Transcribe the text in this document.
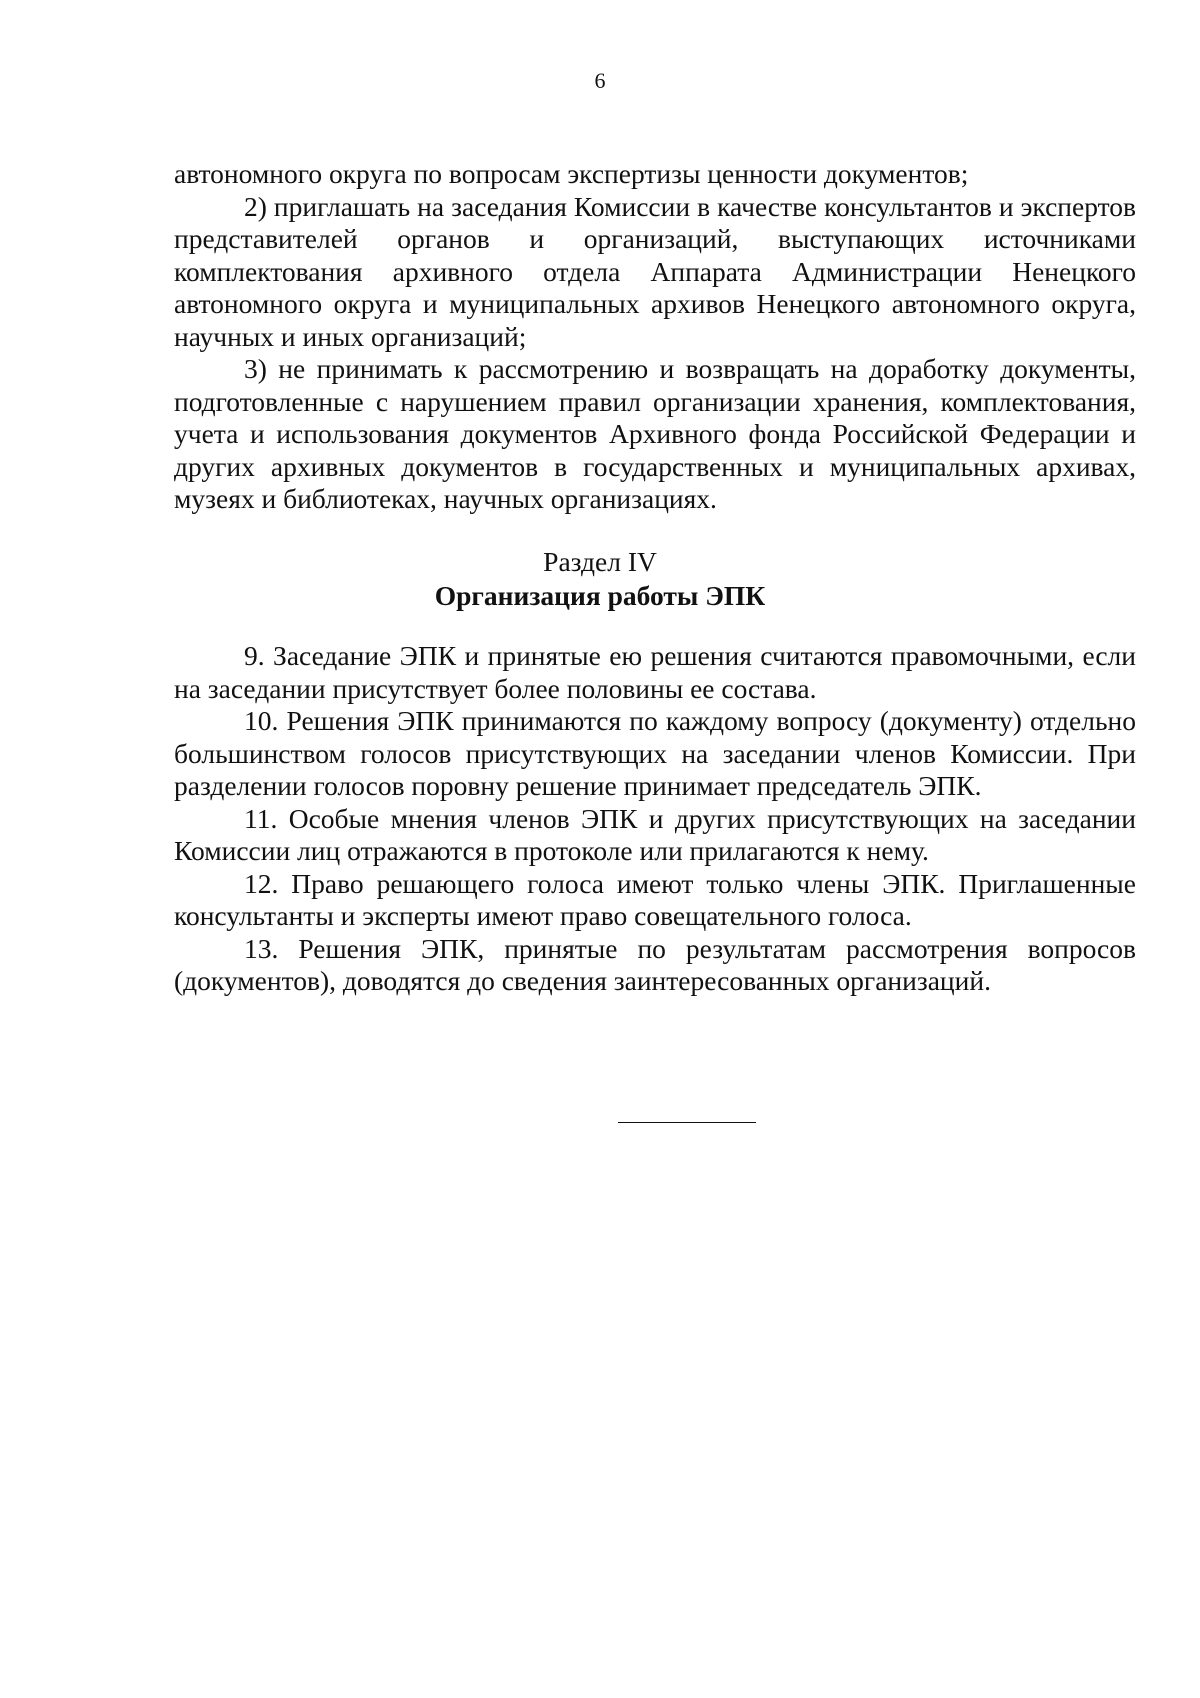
6

автономного округа по вопросам экспертизы ценности документов;

2) приглашать на заседания Комиссии в качестве консультантов и экспертов представителей органов и организаций, выступающих источниками комплектования архивного отдела Аппарата Администрации Ненецкого автономного округа и муниципальных архивов Ненецкого автономного округа, научных и иных организаций;

3) не принимать к рассмотрению и возвращать на доработку документы, подготовленные с нарушением правил организации хранения, комплектования, учета и использования документов Архивного фонда Российской Федерации и других архивных документов в государственных и муниципальных архивах, музеях и библиотеках, научных организациях.

Раздел IV
Организация работы ЭПК

9. Заседание ЭПК и принятые ею решения считаются правомочными, если на заседании присутствует более половины ее состава.

10. Решения ЭПК принимаются по каждому вопросу (документу) отдельно большинством голосов присутствующих на заседании членов Комиссии. При разделении голосов поровну решение принимает председатель ЭПК.

11. Особые мнения членов ЭПК и других присутствующих на заседании Комиссии лиц отражаются в протоколе или прилагаются к нему.

12. Право решающего голоса имеют только члены ЭПК. Приглашенные консультанты и эксперты имеют право совещательного голоса.

13. Решения ЭПК, принятые по результатам рассмотрения вопросов (документов), доводятся до сведения заинтересованных организаций.
